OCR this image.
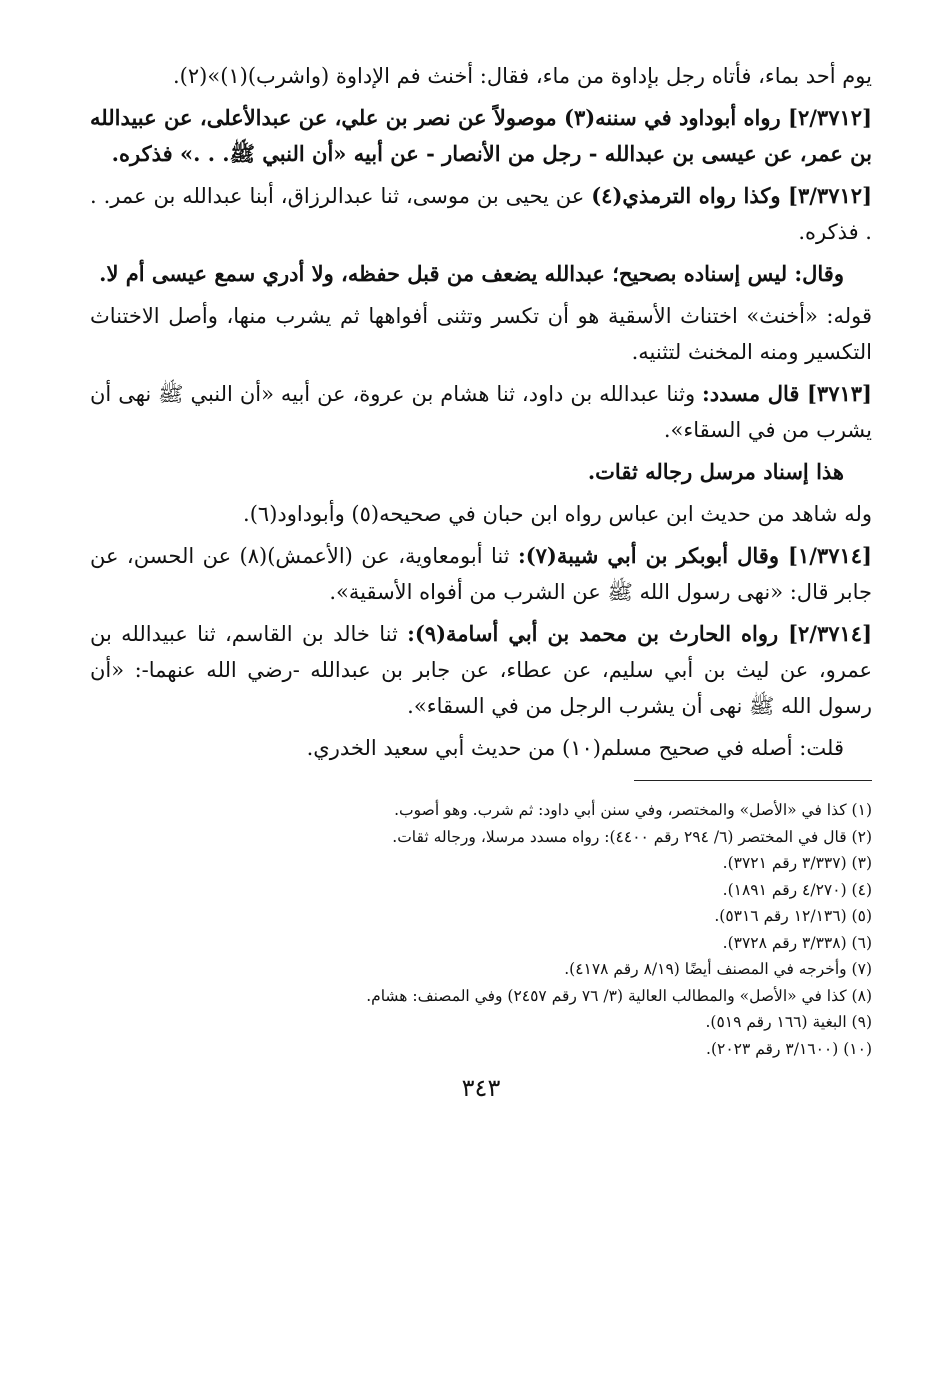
يوم أحد بماء، فأتاه رجل بإداوة من ماء، فقال: أخنث فم الإداوة (واشرب)(١)»(٢).

[٢/٣٧١٢] رواه أبوداود في سننه(٣) موصولاً عن نصر بن علي، عن عبدالأعلى، عن عبيدالله بن عمر، عن عيسى بن عبدالله - رجل من الأنصار - عن أبيه «أن النبي ﷺ. . .» فذكره.

[٣/٣٧١٢] وكذا رواه الترمذي(٤) عن يحيى بن موسى، ثنا عبدالرزاق، أبنا عبدالله بن عمر. . . فذكره.

وقال: ليس إسناده بصحيح؛ عبدالله يضعف من قبل حفظه، ولا أدري سمع عيسى أم لا.

قوله: «أخنث» اختناث الأسقية هو أن تكسر وتثنى أفواهها ثم يشرب منها، وأصل الاختناث التكسير ومنه المخنث لتثنيه.

[٣٧١٣] قال مسدد: وثنا عبدالله بن داود، ثنا هشام بن عروة، عن أبيه «أن النبي ﷺ نهى أن يشرب من في السقاء».

هذا إسناد مرسل رجاله ثقات.

وله شاهد من حديث ابن عباس رواه ابن حبان في صحيحه(٥) وأبوداود(٦).

[١/٣٧١٤] وقال أبوبكر بن أبي شيبة(٧): ثنا أبومعاوية، عن (الأعمش)(٨) عن الحسن، عن جابر قال: «نهى رسول الله ﷺ عن الشرب من أفواه الأسقية».

[٢/٣٧١٤] رواه الحارث بن محمد بن أبي أسامة(٩): ثنا خالد بن القاسم، ثنا عبيدالله بن عمرو، عن ليث بن أبي سليم، عن عطاء، عن جابر بن عبدالله -رضي الله عنهما-: «أن رسول الله ﷺ نهى أن يشرب الرجل من في السقاء».

قلت: أصله في صحيح مسلم(١٠) من حديث أبي سعيد الخدري.

(١) كذا في «الأصل» والمختصر، وفي سنن أبي داود: ثم شرب. وهو أصوب.
(٢) قال في المختصر (٦/ ٢٩٤ رقم ٤٤٠٠): رواه مسدد مرسلا، ورجاله ثقات.
(٣) (٣/٣٣٧ رقم ٣٧٢١).
(٤) (٤/٢٧٠ رقم ١٨٩١).
(٥) (١٢/١٣٦ رقم ٥٣١٦).
(٦) (٣/٣٣٨ رقم ٣٧٢٨).
(٧) وأخرجه في المصنف أيضًا (٨/١٩ رقم ٤١٧٨).
(٨) كذا في «الأصل» والمطالب العالية (٣/ ٧٦ رقم ٢٤٥٧) وفي المصنف: هشام.
(٩) البغية (١٦٦ رقم ٥١٩).
(١٠) (٣/١٦٠٠ رقم ٢٠٢٣).
٣٤٣
